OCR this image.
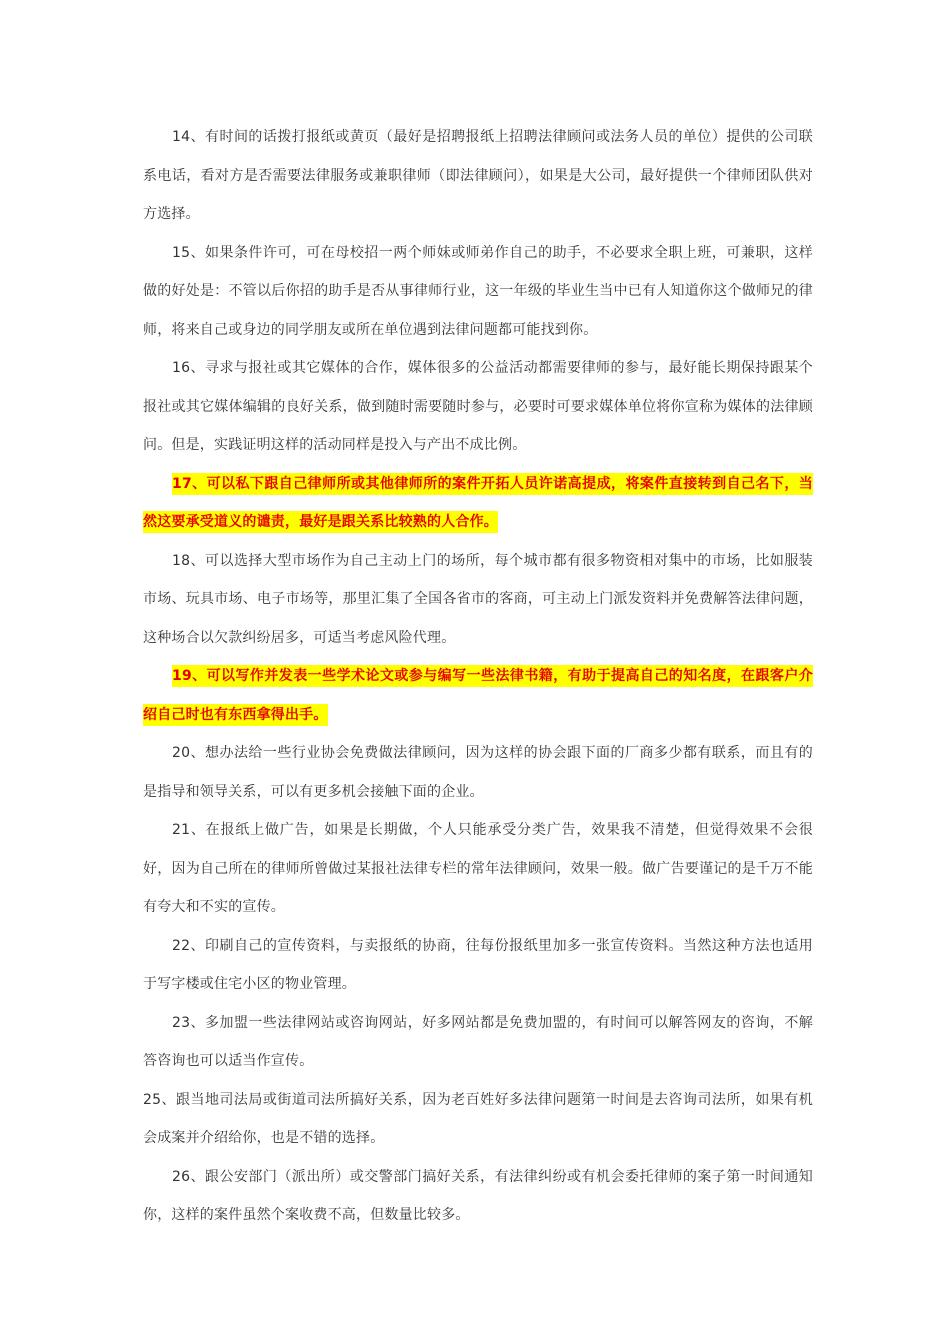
14、有时间的话拨打报纸或黄页（最好是招聘报纸上招聘法律顾问或法务人员的单位）提供的公司联系电话，看对方是否需要法律服务或兼职律师（即法律顾问），如果是大公司，最好提供一个律师团队供对方选择。

15、如果条件许可，可在母校招一两个师妹或师弟作自己的助手，不必要求全职上班，可兼职，这样做的好处是：不管以后你招的助手是否从事律师行业，这一年级的毕业生当中已有人知道你这个做师兄的律师，将来自己或身边的同学朋友或所在单位遇到法律问题都可能找到你。

16、寻求与报社或其它媒体的合作，媒体很多的公益活动都需要律师的参与，最好能长期保持跟某个报社或其它媒体编辑的良好关系，做到随时需要随时参与，必要时可要求媒体单位将你宣称为媒体的法律顾问。但是，实践证明这样的活动同样是投入与产出不成比例。

17、可以私下跟自己律师所或其他律师所的案件开拓人员许诺高提成，将案件直接转到自己名下，当然这要承受道义的谴责，最好是跟关系比较熟的人合作。

18、可以选择大型市场作为自己主动上门的场所，每个城市都有很多物资相对集中的市场，比如服装市场、玩具市场、电子市场等，那里汇集了全国各省市的客商，可主动上门派发资料并免费解答法律问题，这种场合以欠款纠纷居多，可适当考虑风险代理。

19、可以写作并发表一些学术论文或参与编写一些法律书籍，有助于提高自己的知名度，在跟客户介绍自己时也有东西拿得出手。

20、想办法给一些行业协会免费做法律顾问，因为这样的协会跟下面的厂商多少都有联系，而且有的是指导和领导关系，可以有更多机会接触下面的企业。

21、在报纸上做广告，如果是长期做，个人只能承受分类广告，效果我不清楚，但觉得效果不会很好，因为自己所在的律师所曾做过某报社法律专栏的常年法律顾问，效果一般。做广告要谨记的是千万不能有夸大和不实的宣传。

22、印刷自己的宣传资料，与卖报纸的协商，往每份报纸里加多一张宣传资料。当然这种方法也适用于写字楼或住宅小区的物业管理。

23、多加盟一些法律网站或咨询网站，好多网站都是免费加盟的，有时间可以解答网友的咨询，不解答咨询也可以适当作宣传。

25、跟当地司法局或街道司法所搞好关系，因为老百姓好多法律问题第一时间是去咨询司法所，如果有机会成案并介绍给你，也是不错的选择。

26、跟公安部门（派出所）或交警部门搞好关系，有法律纠纷或有机会委托律师的案子第一时间通知你，这样的案件虽然个案收费不高，但数量比较多。
